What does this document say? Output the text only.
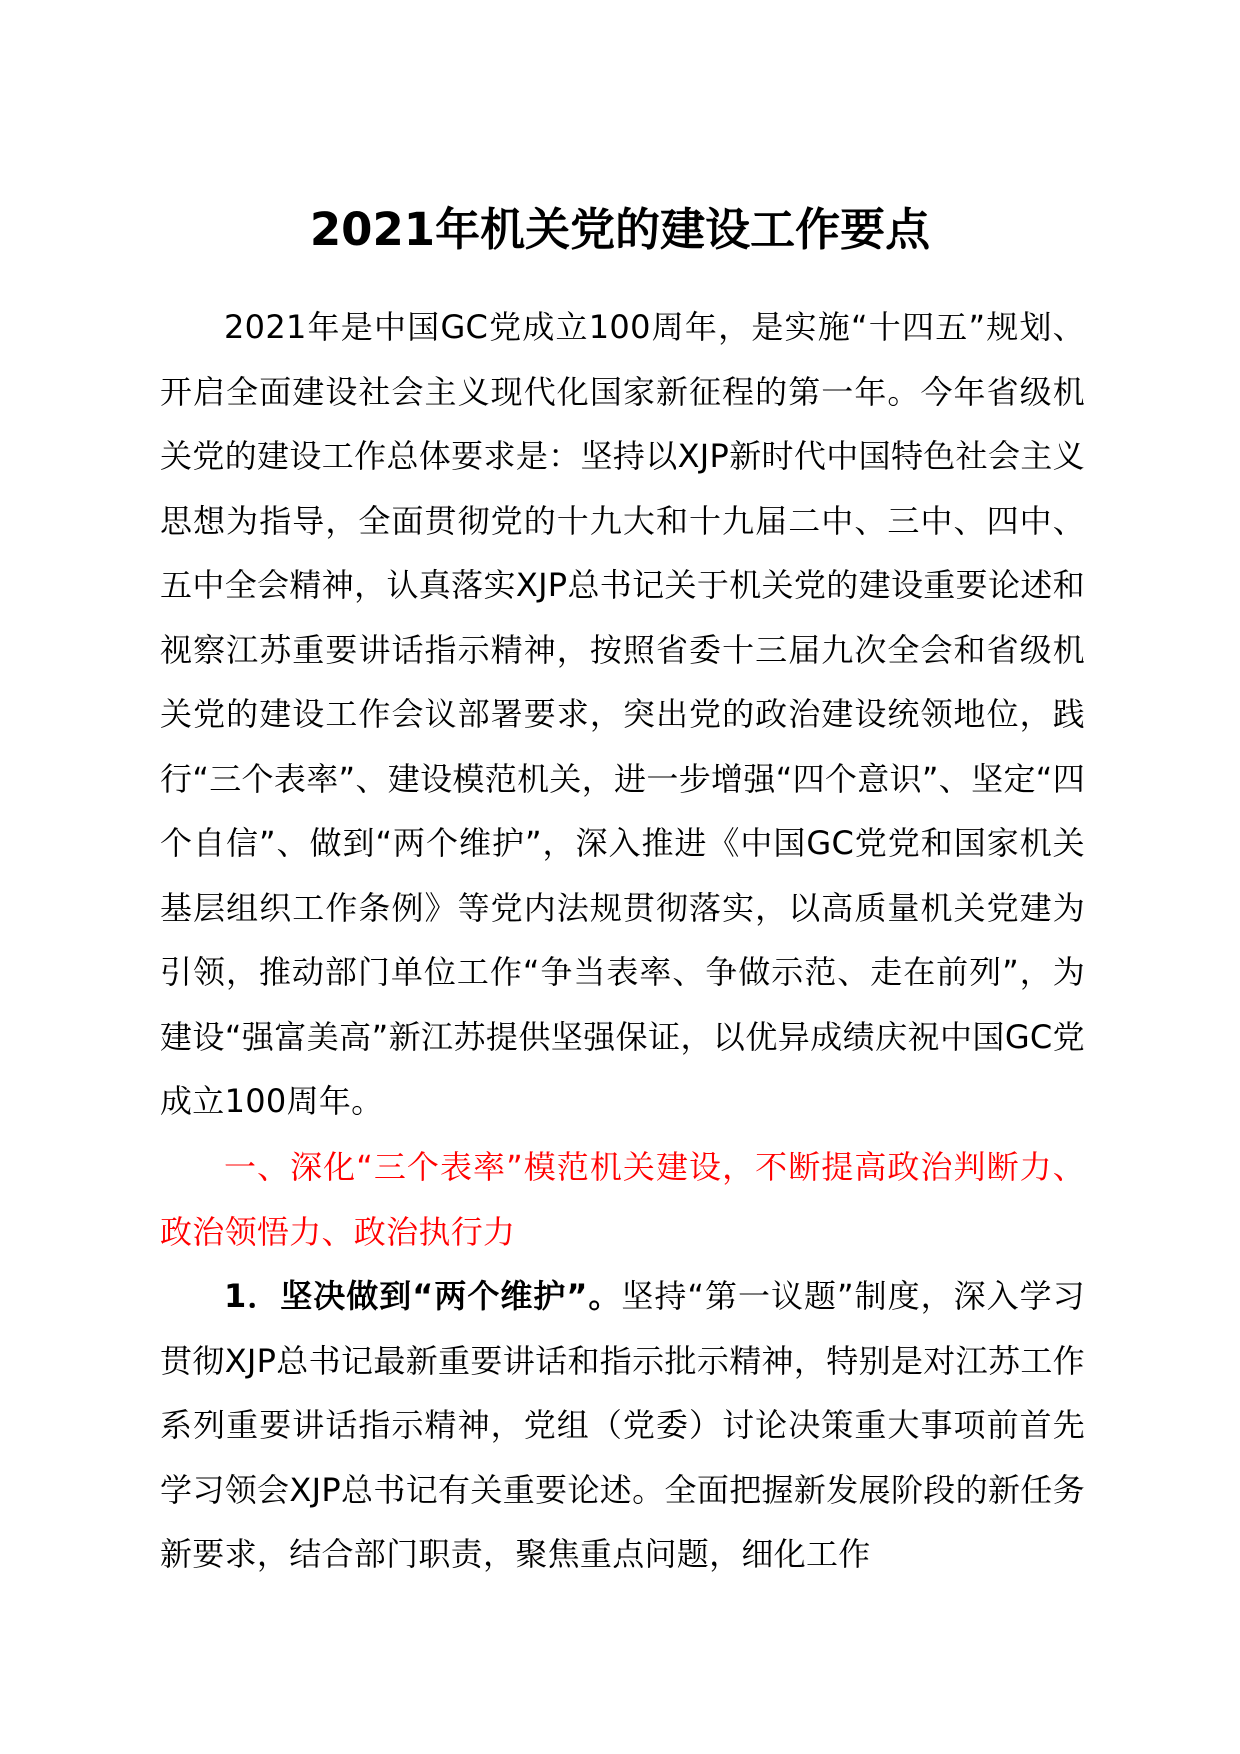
2021年机关党的建设工作要点

2021年是中国GC党成立100周年，是实施“十四五”规划、开启全面建设社会主义现代化国家新征程的第一年。今年省级机关党的建设工作总体要求是：坚持以XJP新时代中国特色社会主义思想为指导，全面贯彻党的十九大和十九届二中、三中、四中、五中全会精神，认真落实XJP总书记关于机关党的建设重要论述和视察江苏重要讲话指示精神，按照省委十三届九次全会和省级机关党的建设工作会议部署要求，突出党的政治建设统领地位，践行“三个表率”、建设模范机关，进一步增强“四个意识”、坚定“四个自信”、做到“两个维护”，深入推进《中国GC党党和国家机关基层组织工作条例》等党内法规贯彻落实，以高质量机关党建为引领，推动部门单位工作“争当表率、争做示范、走在前列”，为建设“强富美高”新江苏提供坚强保证，以优异成绩庆祝中国GC党成立100周年。

一、深化“三个表率”模范机关建设，不断提高政治判断力、政治领悟力、政治执行力

1．坚决做到“两个维护”。坚持“第一议题”制度，深入学习贯彻XJP总书记最新重要讲话和指示批示精神，特别是对江苏工作系列重要讲话指示精神，党组（党委）讨论决策重大事项前首先学习领会XJP总书记有关重要论述。全面把握新发展阶段的新任务新要求，结合部门职责，聚焦重点问题，细化工作
